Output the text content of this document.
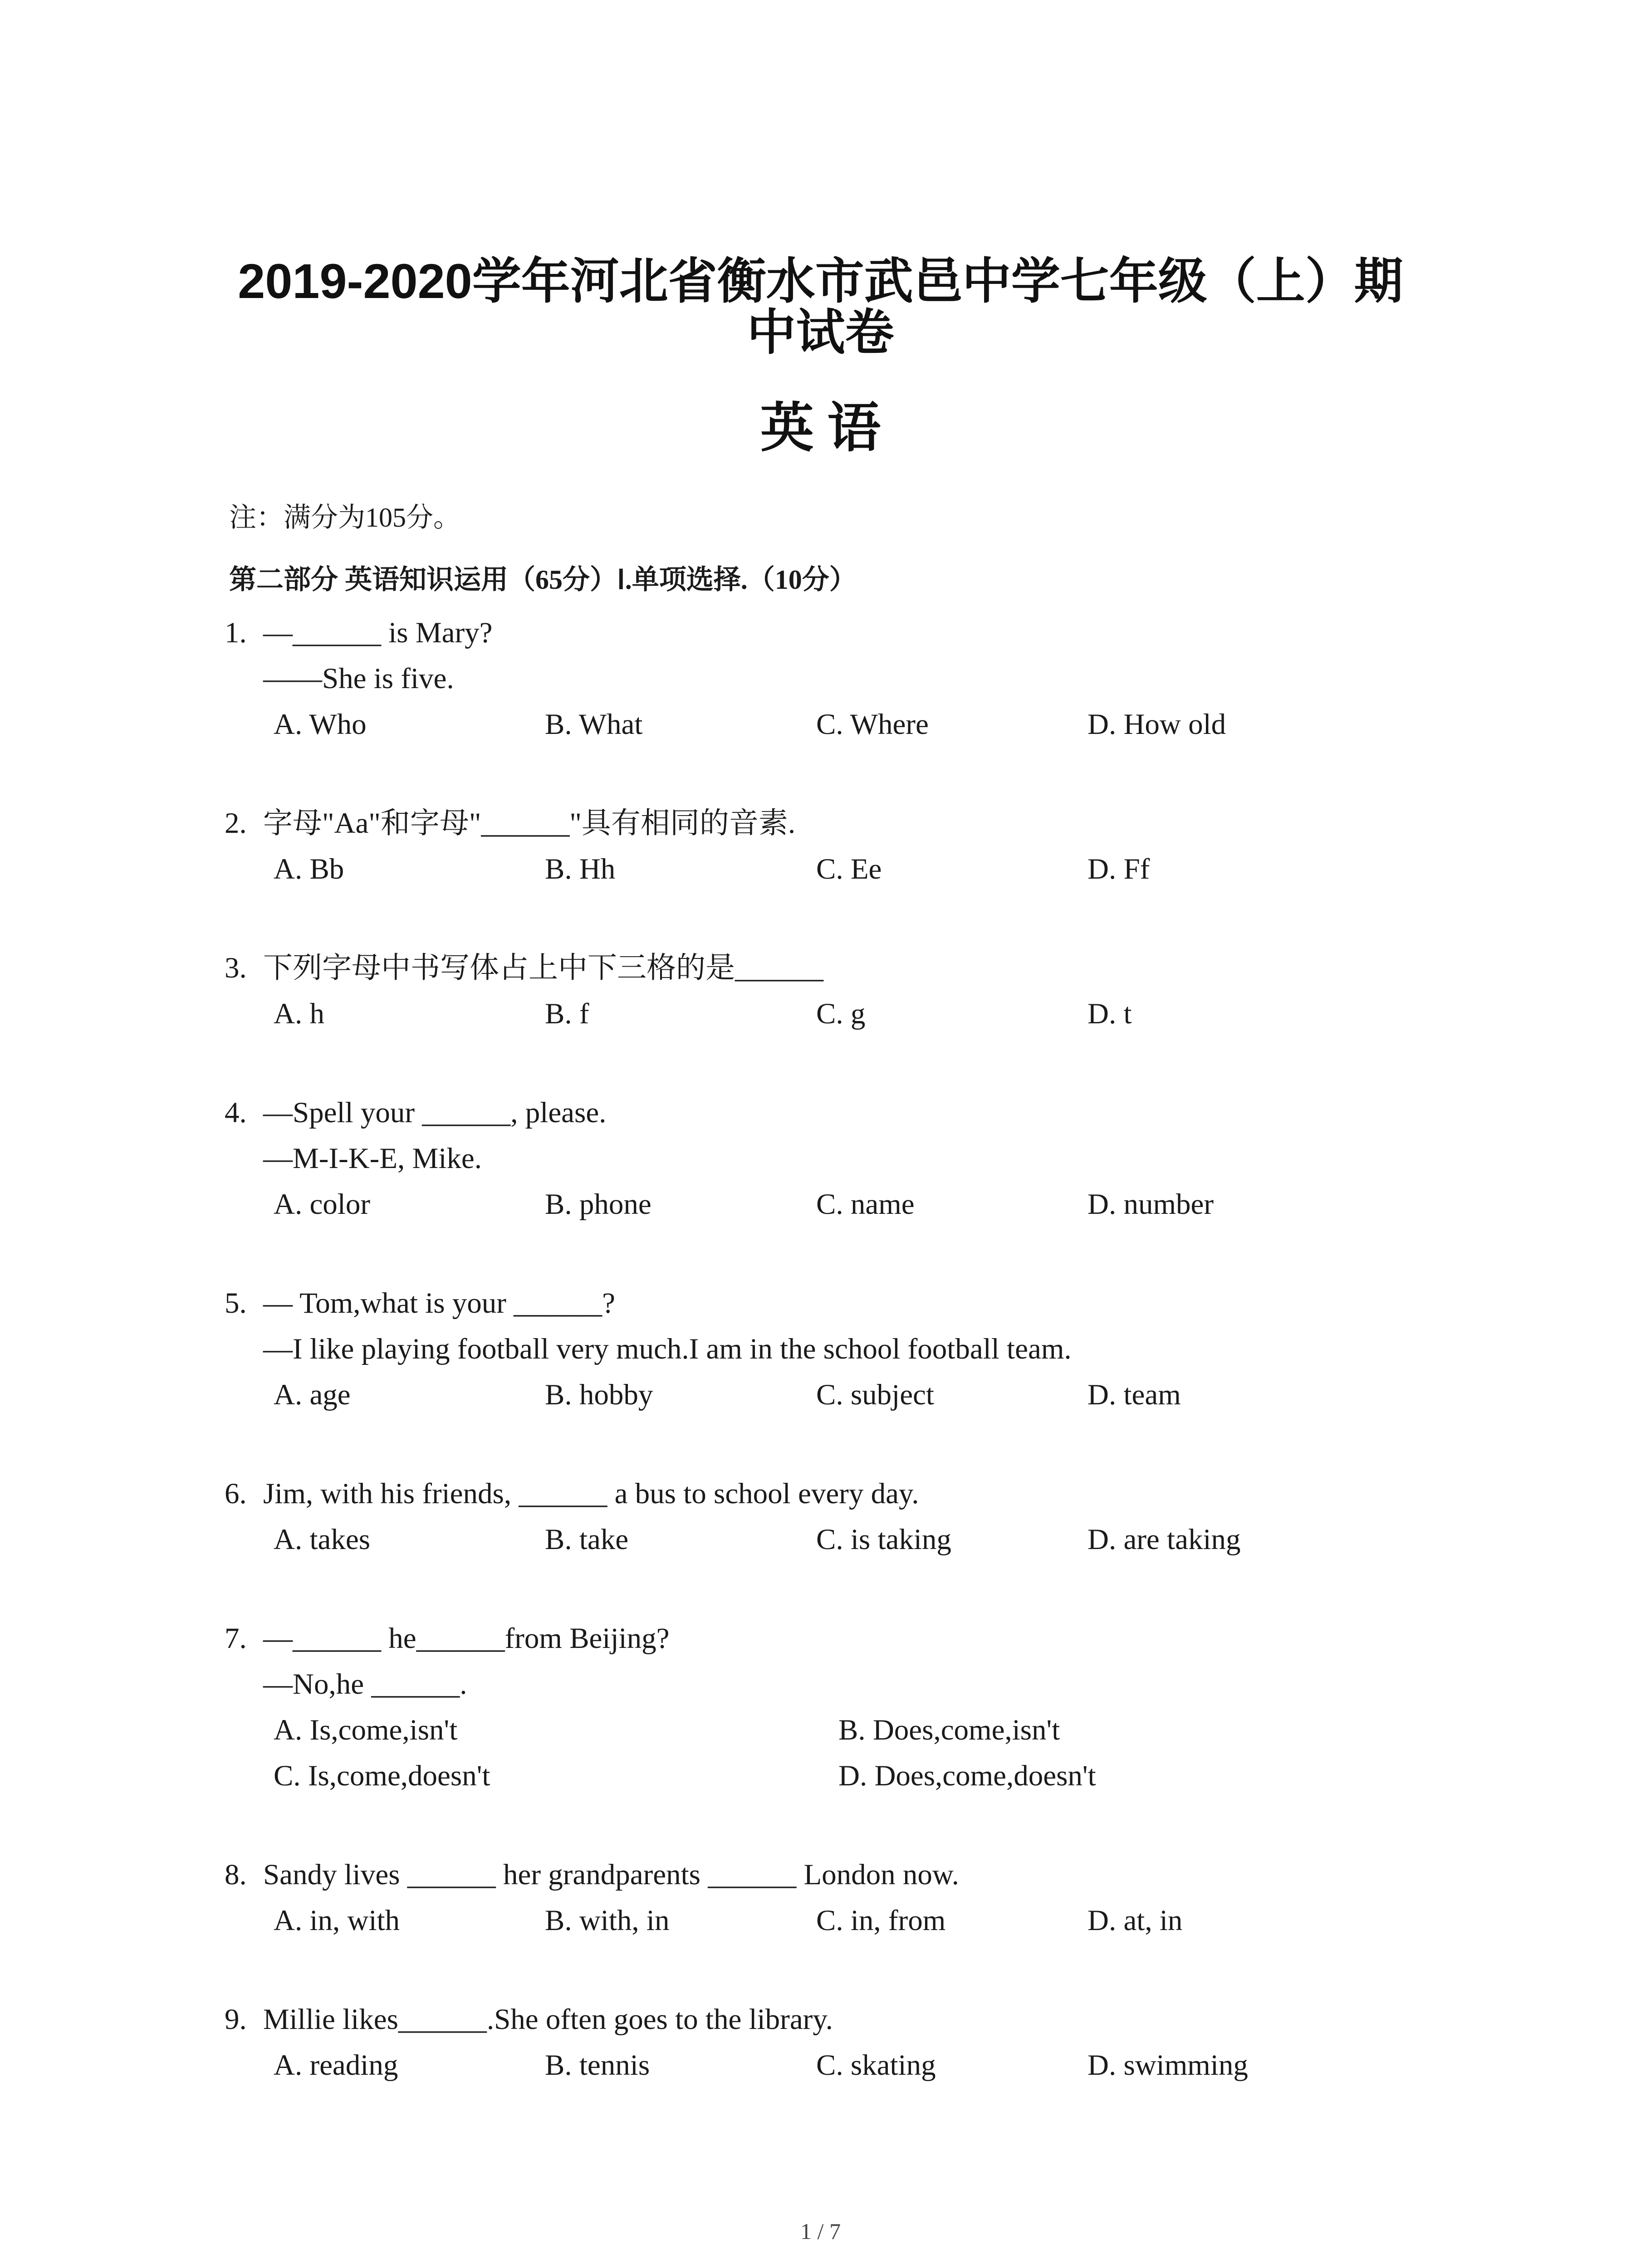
2019-2020学年河北省衡水市武邑中学七年级（上）期
中试卷
英 语
注：满分为105分。
第二部分 英语知识运用（65分）Ⅰ.单项选择.（10分）
1. —______ is Mary?
——She is five.
A. Who	B. What	C. Where	D. How old
2. 字母"Aa"和字母"______"具有相同的音素.
A. Bb	B. Hh	C. Ee	D. Ff
3. 下列字母中书写体占上中下三格的是______
A. h	B. f	C. g	D. t
4. —Spell your ______, please.
—M-I-K-E, Mike.
A. color	B. phone	C. name	D. number
5. — Tom,what is your ______?
—I like playing football very much.I am in the school football team.
A. age	B. hobby	C. subject	D. team
6. Jim, with his friends, ______ a bus to school every day.
A. takes	B. take	C. is taking	D. are taking
7. —______ he______from Beijing?
—No,he ______.
A. Is,come,isn't	B. Does,come,isn't
C. Is,come,doesn't	D. Does,come,doesn't
8. Sandy lives ______ her grandparents ______ London now.
A. in, with	B. with, in	C. in, from	D. at, in
9. Millie likes______.She often goes to the library.
A. reading	B. tennis	C. skating	D. swimming
1 / 7
